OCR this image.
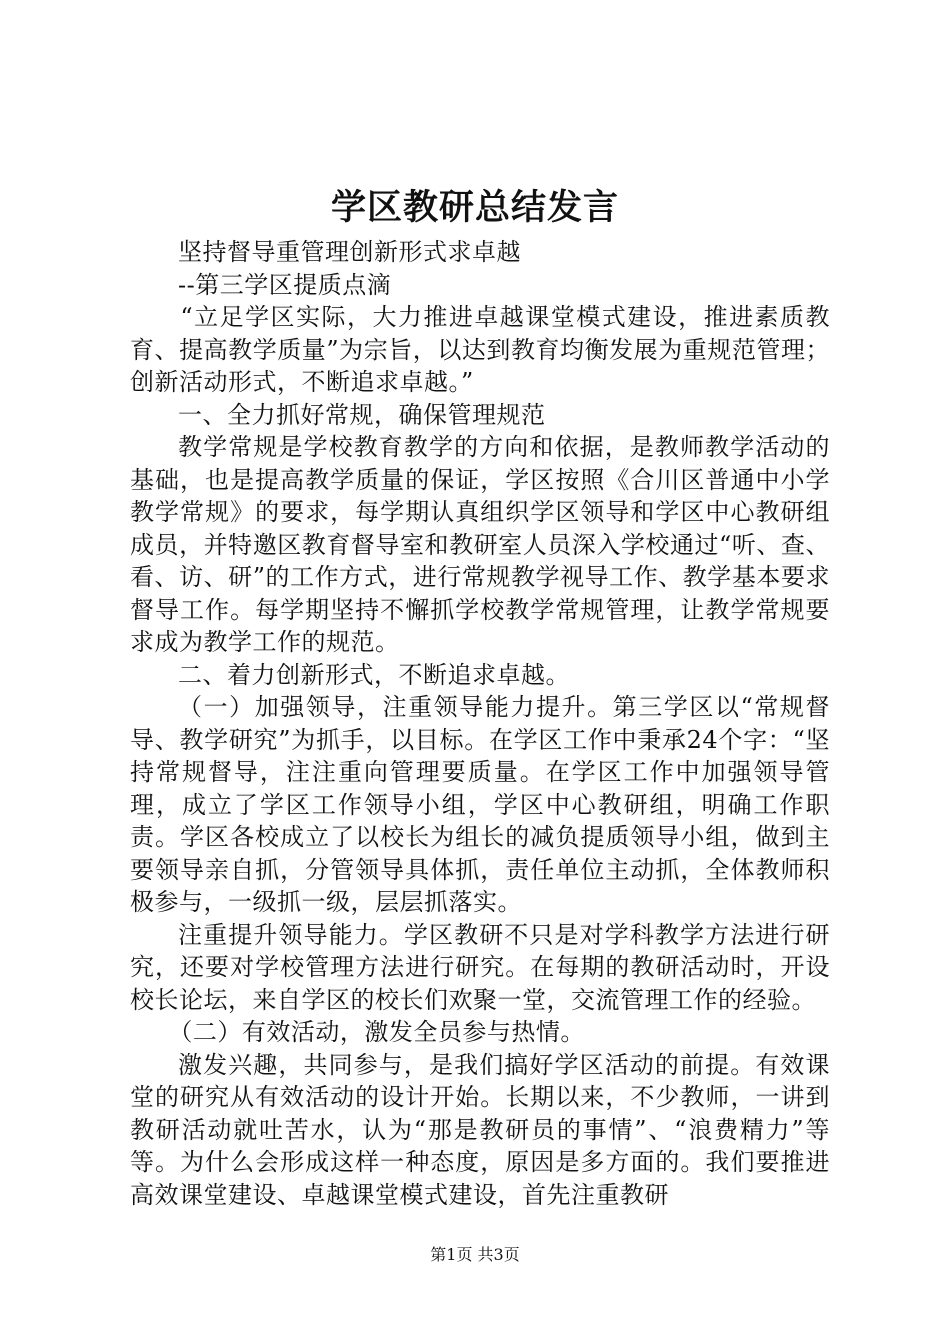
学区教研总结发言

坚持督导重管理创新形式求卓越

--第三学区提质点滴

“立足学区实际，大力推进卓越课堂模式建设，推进素质教育、提高教学质量”为宗旨，以达到教育均衡发展为重规范管理；创新活动形式，不断追求卓越。”

一、全力抓好常规，确保管理规范

教学常规是学校教育教学的方向和依据，是教师教学活动的基础，也是提高教学质量的保证，学区按照《合川区普通中小学教学常规》的要求，每学期认真组织学区领导和学区中心教研组成员，并特邀区教育督导室和教研室人员深入学校通过“听、查、看、访、研”的工作方式，进行常规教学视导工作、教学基本要求督导工作。每学期坚持不懈抓学校教学常规管理，让教学常规要求成为教学工作的规范。

二、着力创新形式，不断追求卓越。

（一）加强领导，注重领导能力提升。第三学区以“常规督导、教学研究”为抓手，以目标。在学区工作中秉承24个字：“坚持常规督导，注注重向管理要质量。在学区工作中加强领导管理，成立了学区工作领导小组，学区中心教研组，明确工作职责。学区各校成立了以校长为组长的减负提质领导小组，做到主要领导亲自抓，分管领导具体抓，责任单位主动抓，全体教师积极参与，一级抓一级，层层抓落实。

注重提升领导能力。学区教研不只是对学科教学方法进行研究，还要对学校管理方法进行研究。在每期的教研活动时，开设校长论坛，来自学区的校长们欢聚一堂，交流管理工作的经验。

（二）有效活动，激发全员参与热情。

激发兴趣，共同参与，是我们搞好学区活动的前提。有效课堂的研究从有效活动的设计开始。长期以来，不少教师，一讲到教研活动就吐苦水，认为“那是教研员的事情”、“浪费精力”等等。为什么会形成这样一种态度，原因是多方面的。我们要推进高效课堂建设、卓越课堂模式建设，首先注重教研

第1页 共3页
